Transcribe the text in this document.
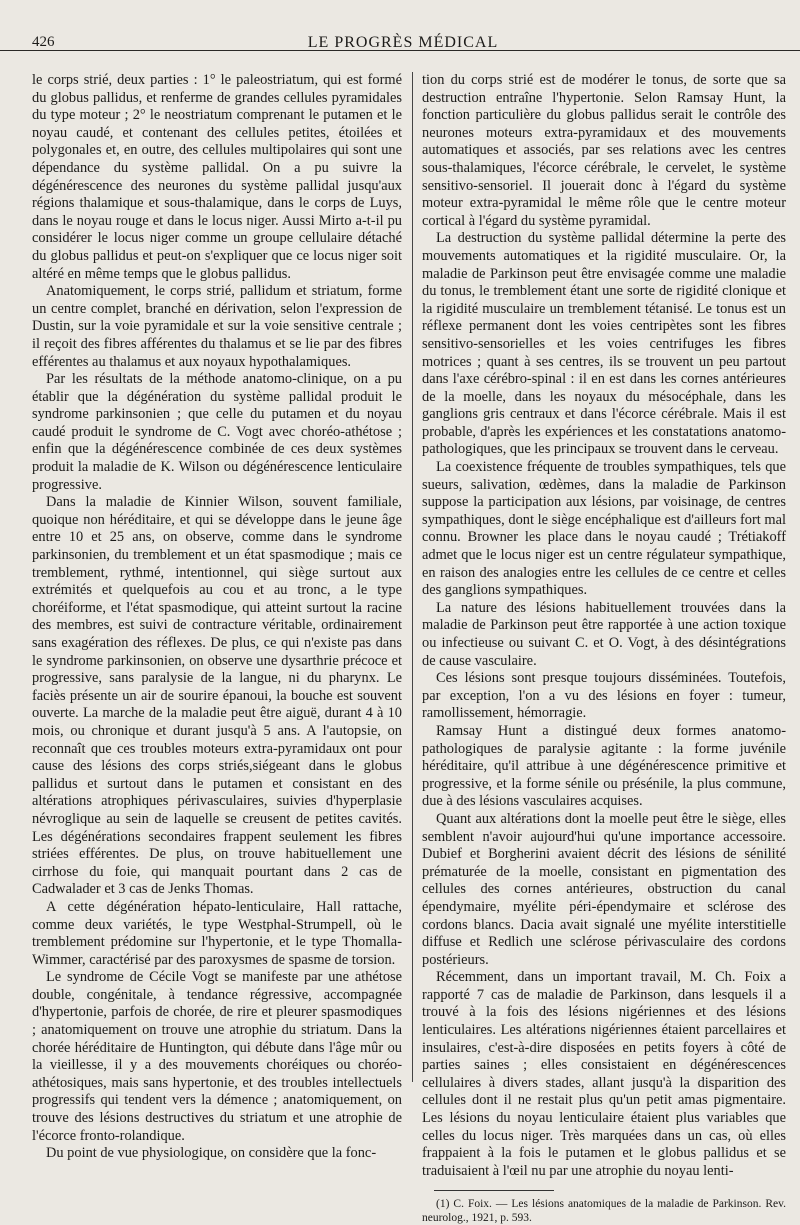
426	LE PROGRÈS MÉDICAL

le corps strié, deux parties : 1° le paleostriatum, qui est formé du globus pallidus, et renferme de grandes cellules pyramidales du type moteur ; 2° le neostriatum comprenant le putamen et le noyau caudé, et contenant des cellules petites, étoilées et polygonales et, en outre, des cellules multipolaires qui sont une dépendance du système pallidal. On a pu suivre la dégénérescence des neurones du système pallidal jusqu'aux régions thalamique et sous-thalamique, dans le corps de Luys, dans le noyau rouge et dans le locus niger. Aussi Mirto a-t-il pu considérer le locus niger comme un groupe cellulaire détaché du globus pallidus et peut-on s'expliquer que ce locus niger soit altéré en même temps que le globus pallidus.

Anatomiquement, le corps strié, pallidum et striatum, forme un centre complet, branché en dérivation, selon l'expression de Dustin, sur la voie pyramidale et sur la voie sensitive centrale ; il reçoit des fibres afférentes du thalamus et se lie par des fibres efférentes au thalamus et aux noyaux hypothalamiques.

Par les résultats de la méthode anatomo-clinique, on a pu établir que la dégénération du système pallidal produit le syndrome parkinsonien ; que celle du putamen et du noyau caudé produit le syndrome de C. Vogt avec choréo-athétose ; enfin que la dégénérescence combinée de ces deux systèmes produit la maladie de K. Wilson ou dégénérescence lenticulaire progressive.

Dans la maladie de Kinnier Wilson, souvent familiale, quoique non héréditaire, et qui se développe dans le jeune âge entre 10 et 25 ans, on observe, comme dans le syndrome parkinsonien, du tremblement et un état spasmodique ; mais ce tremblement, rythmé, intentionnel, qui siège surtout aux extrémités et quelquefois au cou et au tronc, a le type choréiforme, et l'état spasmodique, qui atteint surtout la racine des membres, est suivi de contracture véritable, ordinairement sans exagération des réflexes. De plus, ce qui n'existe pas dans le syndrome parkinsonien, on observe une dysarthrie précoce et progressive, sans paralysie de la langue, ni du pharynx. Le faciès présente un air de sourire épanoui, la bouche est souvent ouverte. La marche de la maladie peut être aiguë, durant 4 à 10 mois, ou chronique et durant jusqu'à 5 ans. A l'autopsie, on reconnaît que ces troubles moteurs extra-pyramidaux ont pour cause des lésions des corps striés,siégeant dans le globus pallidus et surtout dans le putamen et consistant en des altérations atrophiques périvasculaires, suivies d'hyperplasie névroglique au sein de laquelle se creusent de petites cavités. Les dégénérations secondaires frappent seulement les fibres striées efférentes. De plus, on trouve habituellement une cirrhose du foie, qui manquait pourtant dans 2 cas de Cadwalader et 3 cas de Jenks Thomas.

A cette dégénération hépato-lenticulaire, Hall rattache, comme deux variétés, le type Westphal-Strumpell, où le tremblement prédomine sur l'hypertonie, et le type Thomalla-Wimmer, caractérisé par des paroxysmes de spasme de torsion.

Le syndrome de Cécile Vogt se manifeste par une athétose double, congénitale, à tendance régressive, accompagnée d'hypertonie, parfois de chorée, de rire et pleurer spasmodiques ; anatomiquement on trouve une atrophie du striatum. Dans la chorée héréditaire de Huntington, qui débute dans l'âge mûr ou la vieillesse, il y a des mouvements choréiques ou choréo-athétosiques, mais sans hypertonie, et des troubles intellectuels progressifs qui tendent vers la démence ; anatomiquement, on trouve des lésions destructives du striatum et une atrophie de l'écorce fronto-rolandique.

Du point de vue physiologique, on considère que la fonc-

tion du corps strié est de modérer le tonus, de sorte que sa destruction entraîne l'hypertonie. Selon Ramsay Hunt, la fonction particulière du globus pallidus serait le contrôle des neurones moteurs extra-pyramidaux et des mouvements automatiques et associés, par ses relations avec les centres sous-thalamiques, l'écorce cérébrale, le cervelet, le système sensitivo-sensoriel. Il jouerait donc à l'égard du système moteur extra-pyramidal le même rôle que le centre moteur cortical à l'égard du système pyramidal.

La destruction du système pallidal détermine la perte des mouvements automatiques et la rigidité musculaire. Or, la maladie de Parkinson peut être envisagée comme une maladie du tonus, le tremblement étant une sorte de rigidité clonique et la rigidité musculaire un tremblement tétanisé. Le tonus est un réflexe permanent dont les voies centripètes sont les fibres sensitivo-sensorielles et les voies centrifuges les fibres motrices ; quant à ses centres, ils se trouvent un peu partout dans l'axe cérébro-spinal : il en est dans les cornes antérieures de la moelle, dans les noyaux du mésocéphale, dans les ganglions gris centraux et dans l'écorce cérébrale. Mais il est probable, d'après les expériences et les constatations anatomo-pathologiques, que les principaux se trouvent dans le cerveau.

La coexistence fréquente de troubles sympathiques, tels que sueurs, salivation, œdèmes, dans la maladie de Parkinson suppose la participation aux lésions, par voisinage, de centres sympathiques, dont le siège encéphalique est d'ailleurs fort mal connu. Browner les place dans le noyau caudé ; Trétiakoff admet que le locus niger est un centre régulateur sympathique, en raison des analogies entre les cellules de ce centre et celles des ganglions sympathiques.

La nature des lésions habituellement trouvées dans la maladie de Parkinson peut être rapportée à une action toxique ou infectieuse ou suivant C. et O. Vogt, à des désintégrations de cause vasculaire.

Ces lésions sont presque toujours disséminées. Toutefois, par exception, l'on a vu des lésions en foyer : tumeur, ramollissement, hémorragie.

Ramsay Hunt a distingué deux formes anatomo-pathologiques de paralysie agitante : la forme juvénile héréditaire, qu'il attribue à une dégénérescence primitive et progressive, et la forme sénile ou présénile, la plus commune, due à des lésions vasculaires acquises.

Quant aux altérations dont la moelle peut être le siège, elles semblent n'avoir aujourd'hui qu'une importance accessoire. Dubief et Borgherini avaient décrit des lésions de sénilité prématurée de la moelle, consistant en pigmentation des cellules des cornes antérieures, obstruction du canal épendymaire, myélite péri-épendymaire et sclérose des cordons blancs. Dacia avait signalé une myélite interstitielle diffuse et Redlich une sclérose périvasculaire des cordons postérieurs.

Récemment, dans un important travail, M. Ch. Foix a rapporté 7 cas de maladie de Parkinson, dans lesquels il a trouvé à la fois des lésions nigériennes et des lésions lenticulaires. Les altérations nigériennes étaient parcellaires et insulaires, c'est-à-dire disposées en petits foyers à côté de parties saines ; elles consistaient en dégénérescences cellulaires à divers stades, allant jusqu'à la disparition des cellules dont il ne restait plus qu'un petit amas pigmentaire. Les lésions du noyau lenticulaire étaient plus variables que celles du locus niger. Très marquées dans un cas, où elles frappaient à la fois le putamen et le globus pallidus et se traduisaient à l'œil nu par une atrophie du noyau lenti-

(1) C. Foix. — Les lésions anatomiques de la maladie de Parkinson. Rev. neurolog., 1921, p. 593.
